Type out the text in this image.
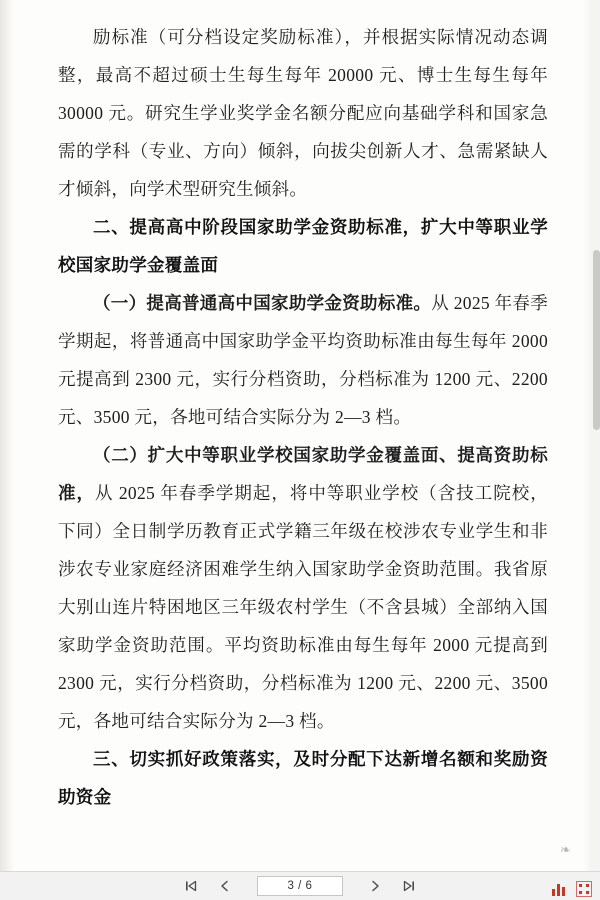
励标准（可分档设定奖励标准），并根据实际情况动态调整，最高不超过硕士生每生每年 20000 元、博士生每生每年 30000 元。研究生学业奖学金名额分配应向基础学科和国家急需的学科（专业、方向）倾斜，向拔尖创新人才、急需紧缺人才倾斜，向学术型研究生倾斜。

二、提高高中阶段国家助学金资助标准，扩大中等职业学校国家助学金覆盖面

（一）提高普通高中国家助学金资助标准。从 2025 年春季学期起，将普通高中国家助学金平均资助标准由每生每年 2000 元提高到 2300 元，实行分档资助，分档标准为 1200 元、2200 元、3500 元，各地可结合实际分为 2—3 档。

（二）扩大中等职业学校国家助学金覆盖面、提高资助标准，从 2025 年春季学期起，将中等职业学校（含技工院校，下同）全日制学历教育正式学籍三年级在校涉农专业学生和非涉农专业家庭经济困难学生纳入国家助学金资助范围。我省原大别山连片特困地区三年级农村学生（不含县城）全部纳入国家助学金资助范围。平均资助标准由每生每年 2000 元提高到 2300 元，实行分档资助，分档标准为 1200 元、2200 元、3500 元，各地可结合实际分为 2—3 档。

三、切实抓好政策落实，及时分配下达新增名额和奖励资助资金

❧
3 / 6
